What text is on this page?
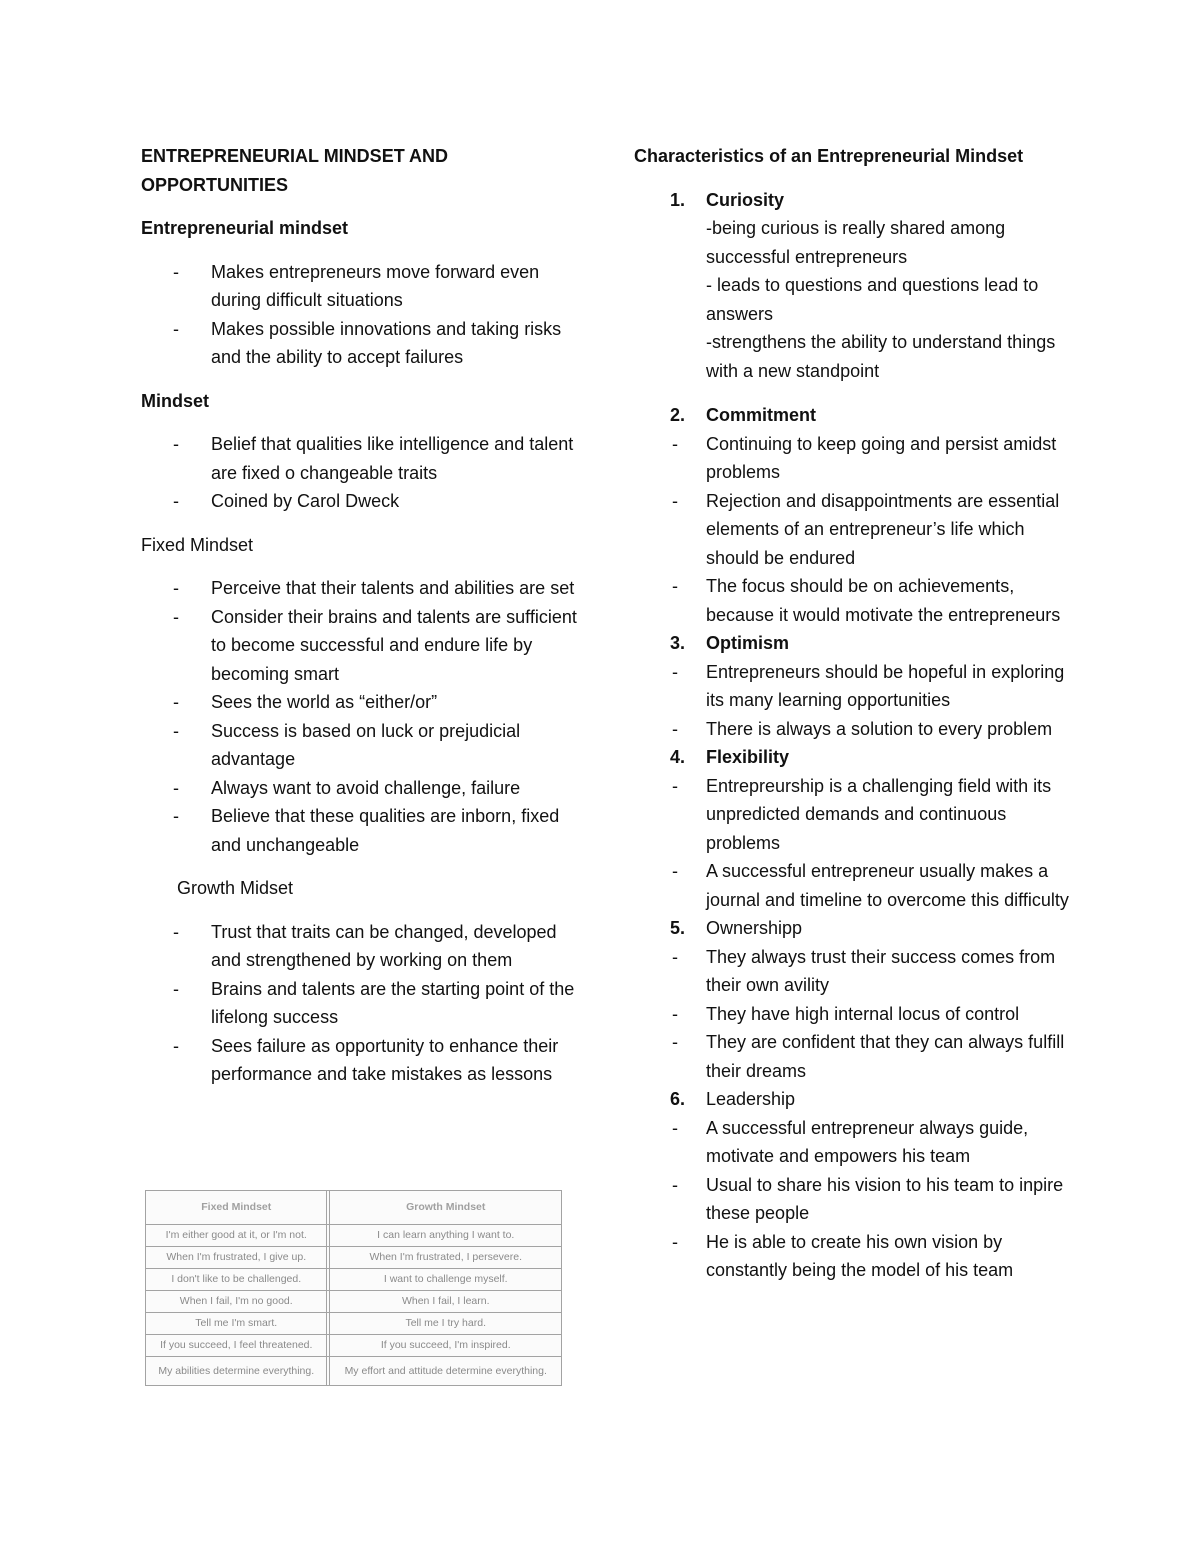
ENTREPRENEURIAL MINDSET AND
OPPORTUNITIES
Entrepreneurial mindset
- Makes entrepreneurs move forward even during difficult situations
- Makes possible innovations and taking risks and the ability to accept failures
Mindset
- Belief that qualities like intelligence and talent are fixed o changeable traits
- Coined by Carol Dweck
Fixed Mindset
- Perceive that their talents and abilities are set
- Consider their brains and talents are sufficient to become successful and endure life by becoming smart
- Sees the world as “either/or”
- Success is based on luck or prejudicial advantage
- Always want to avoid challenge, failure
- Believe that these qualities are inborn, fixed and unchangeable
Growth Midset
- Trust that traits can be changed, developed and strengthened by working on them
- Brains and talents are the starting point of the lifelong success
- Sees failure as opportunity to enhance their performance and take mistakes as lessons
Fixed Mindset		Growth Mindset
I'm either good at it, or I'm not.		I can learn anything I want to.
When I'm frustrated, I give up.		When I'm frustrated, I persevere.
I don't like to be challenged.		I want to challenge myself.
When I fail, I'm no good.		When I fail, I learn.
Tell me I'm smart.		Tell me I try hard.
If you succeed, I feel threatened.		If you succeed, I'm inspired.
My abilities determine everything.		My effort and attitude determine everything.
Characteristics of an Entrepreneurial Mindset
1. Curiosity
-being curious is really shared among successful entrepreneurs
- leads to questions and questions lead to answers
-strengthens the ability to understand things with a new standpoint
2. Commitment
- Continuing to keep going and persist amidst problems
- Rejection and disappointments are essential elements of an entrepreneur’s life which should be endured
- The focus should be on achievements, because it would motivate the entrepreneurs
3. Optimism
- Entrepreneurs should be hopeful in exploring its many learning opportunities
- There is always a solution to every problem
4. Flexibility
- Entrepreurship is a challenging field with its unpredicted demands and continuous problems
- A successful entrepreneur usually makes a journal and timeline to overcome this difficulty
5. Ownershipp
- They always trust their success comes from their own avility
- They have high internal locus of control
- They are confident that they can always fulfill their dreams
6. Leadership
- A successful entrepreneur always guide, motivate and empowers his team
- Usual to share his vision to his team to inpire these people
- He is able to create his own vision by constantly being the model of his team
